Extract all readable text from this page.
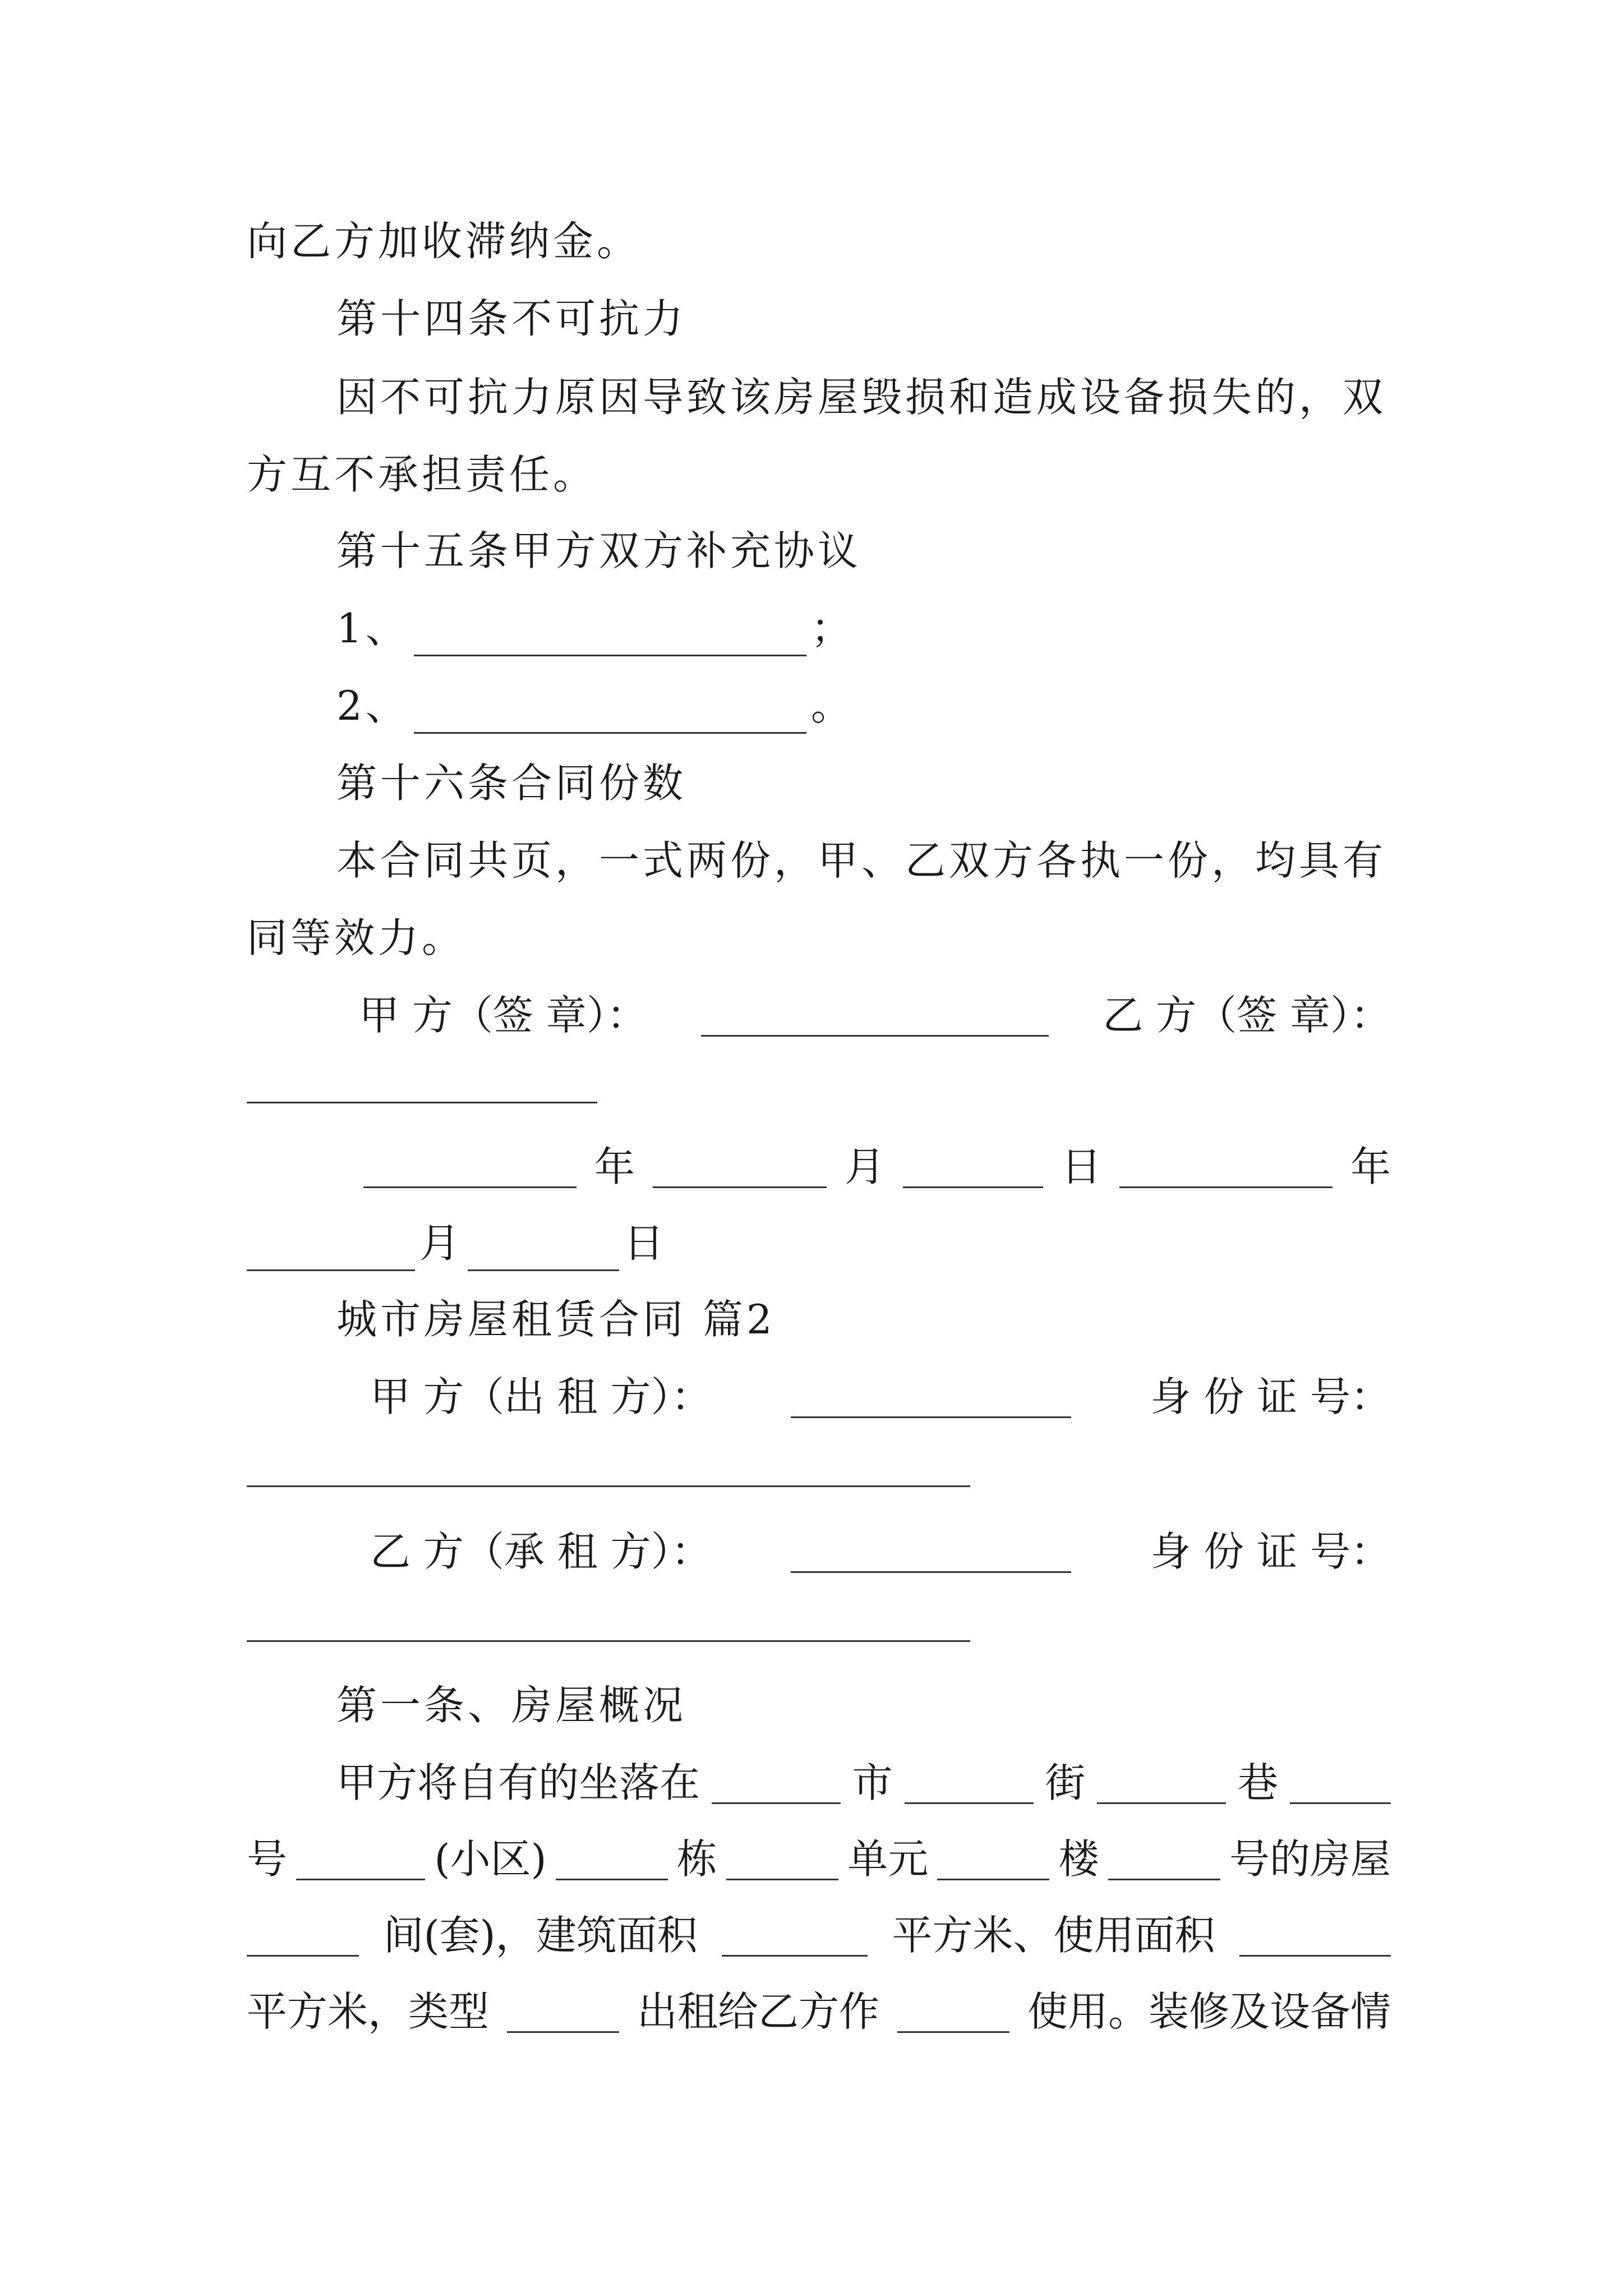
向乙方加收滞纳金。
第十四条不可抗力
因不可抗力原因导致该房屋毁损和造成设备损失的，双
方互不承担责任。
第十五条甲方双方补充协议
1、	；
2、	。
第十六条合同份数
本合同共页，一式两份，甲、乙双方各执一份，均具有
同等效力。
甲 方（签 章）：	乙 方（签 章）：
年	月	日	年
月	日
城市房屋租赁合同 篇2
甲 方（出 租 方）：	身 份 证 号：
乙 方（承 租 方）：	身 份 证 号：
第一条、房屋概况
甲方将自有的坐落在	市	街	巷
号	(小区)	栋	单元	楼	号的房屋
间(套)，建筑面积	平方米、使用面积
平方米，类型	出租给乙方作	使用。装修及设备情
